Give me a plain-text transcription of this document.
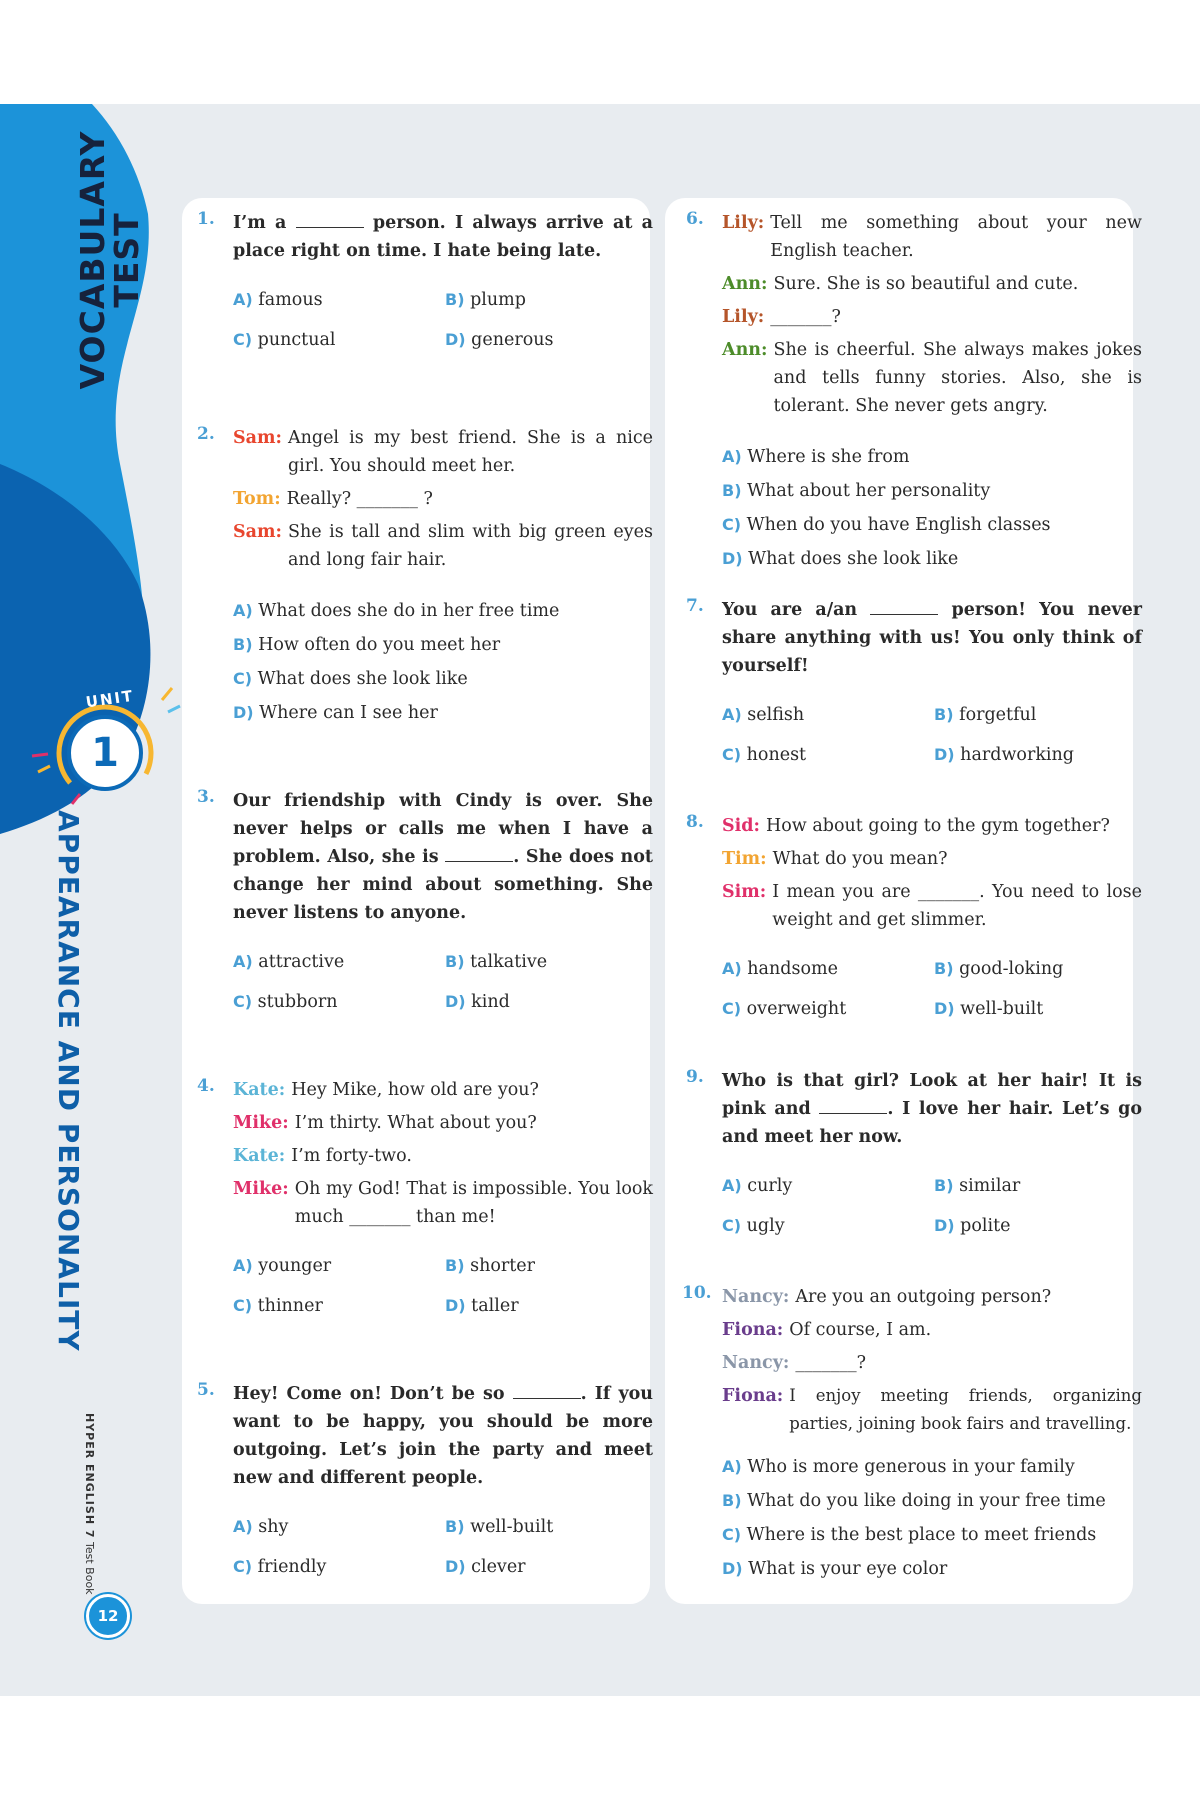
VOCABULARY
TEST
UNIT
1
APPEARANCE AND PERSONALITY
HYPER ENGLISH 7 Test Book
12
1. I’m a	person. I always arrive at a place right on time. I hate being late.
A) famous	B) plump
C) punctual	D) generous
2. Sam: Angel is my best friend. She is a nice girl. You should meet her.
Tom: Really? _______ ?
Sam: She is tall and slim with big green eyes and long fair hair.
A) What does she do in her free time
B) How often do you meet her
C) What does she look like
D) Where can I see her
3. Our friendship with Cindy is over. She never helps or calls me when I have a problem. Also, she is	. She does not change her mind about something. She never listens to anyone.
A) attractive	B) talkative
C) stubborn	D) kind
4. Kate: Hey Mike, how old are you?
Mike: I’m thirty. What about you?
Kate: I’m forty-two.
Mike: Oh my God! That is impossible. You look much _______ than me!
A) younger	B) shorter
C) thinner	D) taller
5. Hey! Come on! Don’t be so	. If you want to be happy, you should be more outgoing. Let’s join the party and meet new and different people.
A) shy	B) well-built
C) friendly	D) clever
6. Lily: Tell me something about your new English teacher.
Ann: Sure. She is so beautiful and cute.
Lily: _______?
Ann: She is cheerful. She always makes jokes and tells funny stories. Also, she is tolerant. She never gets angry.
A) Where is she from
B) What about her personality
C) When do you have English classes
D) What does she look like
7. You are a/an	person! You never share anything with us! You only think of yourself!
A) selfish	B) forgetful
C) honest	D) hardworking
8. Sid: How about going to the gym together?
Tim: What do you mean?
Sim: I mean you are _______. You need to lose weight and get slimmer.
A) handsome	B) good-loking
C) overweight	D) well-built
9. Who is that girl? Look at her hair! It is pink and	. I love her hair. Let’s go and meet her now.
A) curly	B) similar
C) ugly	D) polite
10. Nancy: Are you an outgoing person?
Fiona: Of course, I am.
Nancy: _______?
Fiona: I enjoy meeting friends, organizing parties, joining book fairs and travelling.
A) Who is more generous in your family
B) What do you like doing in your free time
C) Where is the best place to meet friends
D) What is your eye color
